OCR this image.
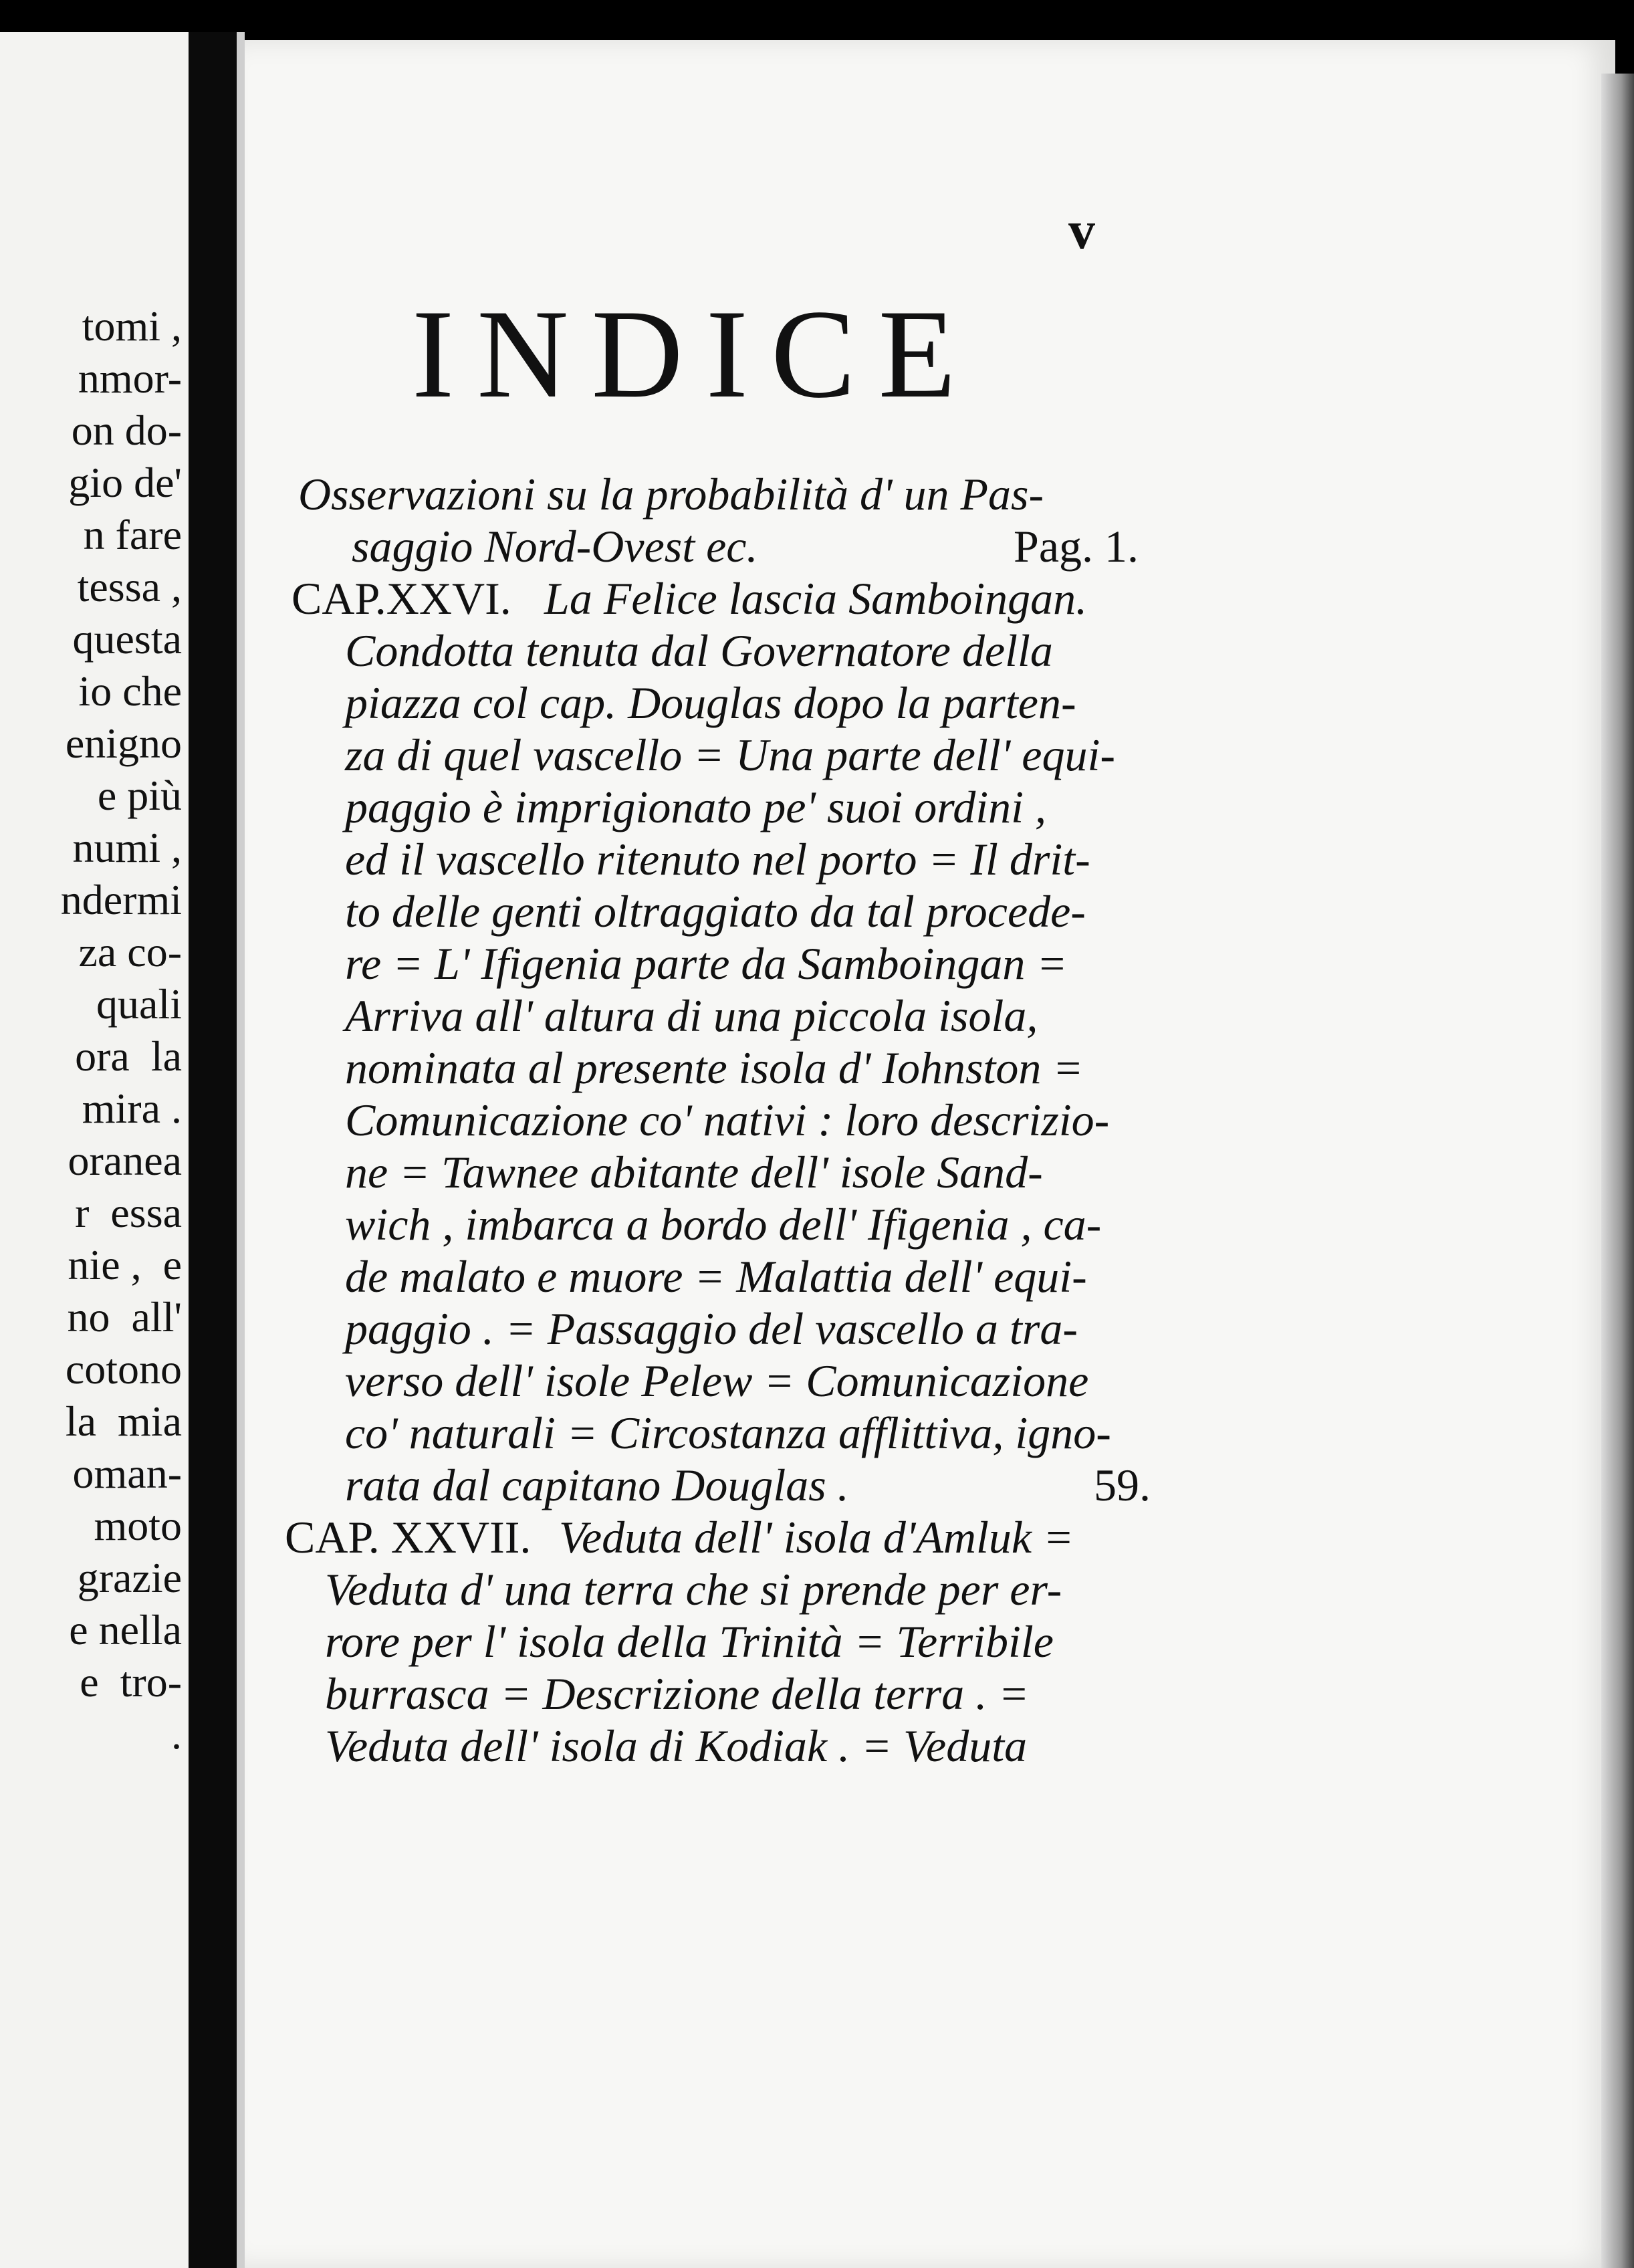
tomi ,
nmor-
on do-
gio de'
n fare
tessa ,
questa
io che
enigno
e più
numi ,
ndermi
za co-
quali
ora  la
mira .
oranea
r  essa
nie ,  e
no  all'
cotono
la  mia
oman-
moto
grazie
e nella
e  tro-
.
v
INDICE
Osservazioni su la probabilità d' un Pas-
saggio Nord-Ovest ec.	Pag. 1.
CAP.XXVI. La Felice lascia Samboingan.
Condotta tenuta dal Governatore della
piazza col cap. Douglas dopo la parten-
za di quel vascello = Una parte dell' equi-
paggio è imprigionato pe' suoi ordini ,
ed il vascello ritenuto nel porto = Il drit-
to delle genti oltraggiato da tal procede-
re = L' Ifigenia parte da Samboingan =
Arriva all' altura di una piccola isola,
nominata al presente isola d' Iohnston =
Comunicazione co' nativi : loro descrizio-
ne = Tawnee abitante dell' isole Sand-
wich , imbarca a bordo dell' Ifigenia , ca-
de malato e muore = Malattia dell' equi-
paggio . = Passaggio del vascello a tra-
verso dell' isole Pelew = Comunicazione
co' naturali = Circostanza afflittiva, igno-
rata dal capitano Douglas .	59.
CAP. XXVII. Veduta dell' isola d'Amluk =
Veduta d' una terra che si prende per er-
rore per l' isola della Trinità = Terribile
burrasca = Descrizione della terra . =
Veduta dell' isola di Kodiak . = Veduta
